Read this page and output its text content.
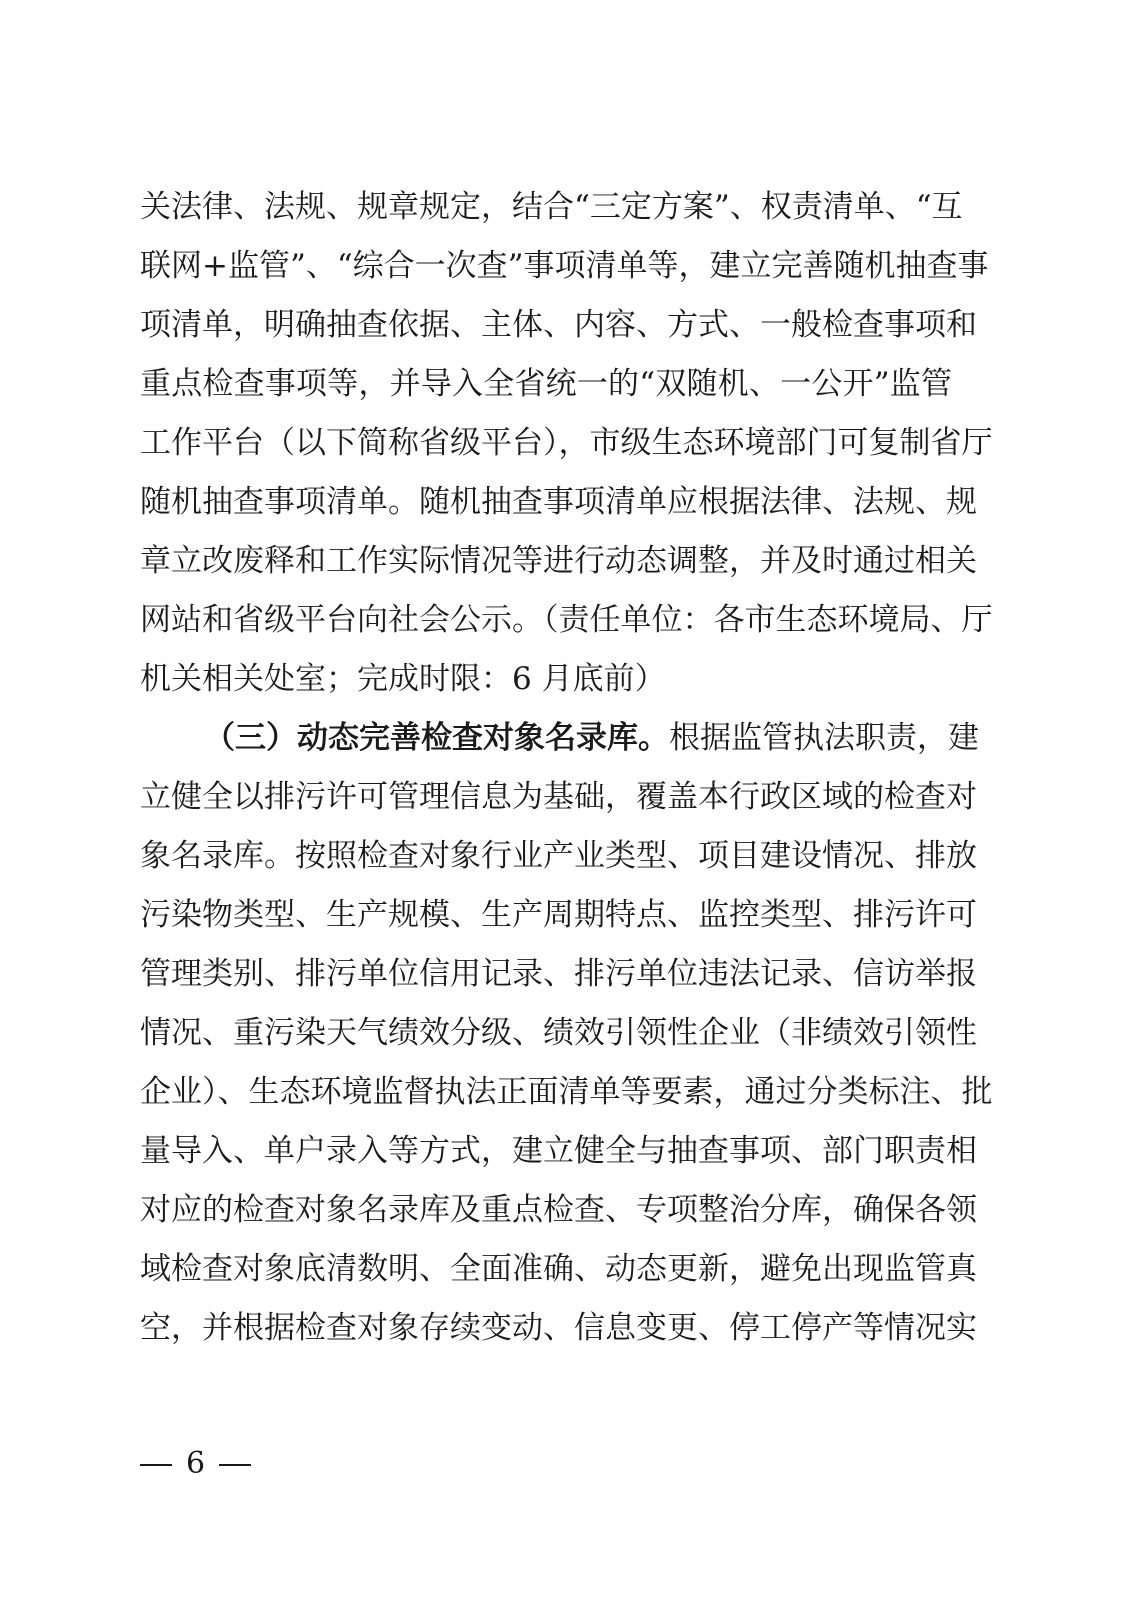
关法律、法规、规章规定，结合“三定方案”、权责清单、“互
联网+监管”、“综合一次查”事项清单等，建立完善随机抽查事
项清单，明确抽查依据、主体、内容、方式、一般检查事项和
重点检查事项等，并导入全省统一的“双随机、一公开”监管
工作平台（以下简称省级平台），市级生态环境部门可复制省厅
随机抽查事项清单。随机抽查事项清单应根据法律、法规、规
章立改废释和工作实际情况等进行动态调整，并及时通过相关
网站和省级平台向社会公示。（责任单位：各市生态环境局、厅
机关相关处室；完成时限：6 月底前）
（三）动态完善检查对象名录库。根据监管执法职责，建
立健全以排污许可管理信息为基础，覆盖本行政区域的检查对
象名录库。按照检查对象行业产业类型、项目建设情况、排放
污染物类型、生产规模、生产周期特点、监控类型、排污许可
管理类别、排污单位信用记录、排污单位违法记录、信访举报
情况、重污染天气绩效分级、绩效引领性企业（非绩效引领性
企业）、生态环境监督执法正面清单等要素，通过分类标注、批
量导入、单户录入等方式，建立健全与抽查事项、部门职责相
对应的检查对象名录库及重点检查、专项整治分库，确保各领
域检查对象底清数明、全面准确、动态更新，避免出现监管真
空，并根据检查对象存续变动、信息变更、停工停产等情况实
6
